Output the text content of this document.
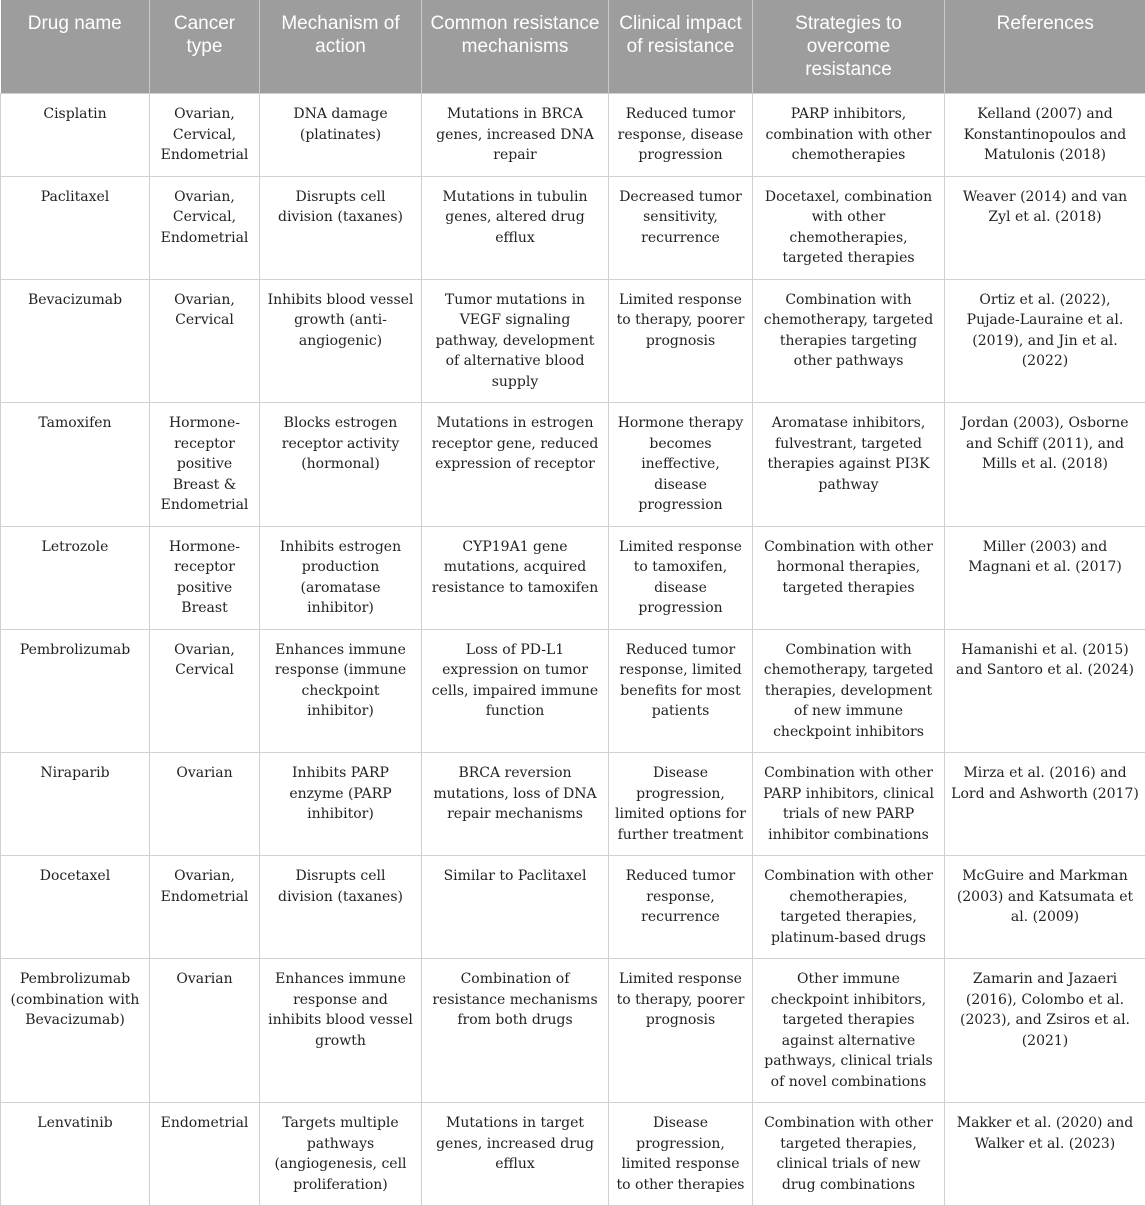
Drug name	Cancer type	Mechanism of action	Common resistance mechanisms	Clinical impact of resistance	Strategies to overcome resistance	References
Cisplatin	Ovarian, Cervical, Endometrial	DNA damage (platinates)	Mutations in BRCA genes, increased DNA repair	Reduced tumor response, disease progression	PARP inhibitors, combination with other chemotherapies	Kelland (2007) and Konstantinopoulos and Matulonis (2018)
Paclitaxel	Ovarian, Cervical, Endometrial	Disrupts cell division (taxanes)	Mutations in tubulin genes, altered drug efflux	Decreased tumor sensitivity, recurrence	Docetaxel, combination with other chemotherapies, targeted therapies	Weaver (2014) and van Zyl et al. (2018)
Bevacizumab	Ovarian, Cervical	Inhibits blood vessel growth (anti-angiogenic)	Tumor mutations in VEGF signaling pathway, development of alternative blood supply	Limited response to therapy, poorer prognosis	Combination with chemotherapy, targeted therapies targeting other pathways	Ortiz et al. (2022), Pujade-Lauraine et al. (2019), and Jin et al. (2022)
Tamoxifen	Hormone-receptor positive Breast & Endometrial	Blocks estrogen receptor activity (hormonal)	Mutations in estrogen receptor gene, reduced expression of receptor	Hormone therapy becomes ineffective, disease progression	Aromatase inhibitors, fulvestrant, targeted therapies against PI3K pathway	Jordan (2003), Osborne and Schiff (2011), and Mills et al. (2018)
Letrozole	Hormone-receptor positive Breast	Inhibits estrogen production (aromatase inhibitor)	CYP19A1 gene mutations, acquired resistance to tamoxifen	Limited response to tamoxifen, disease progression	Combination with other hormonal therapies, targeted therapies	Miller (2003) and Magnani et al. (2017)
Pembrolizumab	Ovarian, Cervical	Enhances immune response (immune checkpoint inhibitor)	Loss of PD-L1 expression on tumor cells, impaired immune function	Reduced tumor response, limited benefits for most patients	Combination with chemotherapy, targeted therapies, development of new immune checkpoint inhibitors	Hamanishi et al. (2015) and Santoro et al. (2024)
Niraparib	Ovarian	Inhibits PARP enzyme (PARP inhibitor)	BRCA reversion mutations, loss of DNA repair mechanisms	Disease progression, limited options for further treatment	Combination with other PARP inhibitors, clinical trials of new PARP inhibitor combinations	Mirza et al. (2016) and Lord and Ashworth (2017)
Docetaxel	Ovarian, Endometrial	Disrupts cell division (taxanes)	Similar to Paclitaxel	Reduced tumor response, recurrence	Combination with other chemotherapies, targeted therapies, platinum-based drugs	McGuire and Markman (2003) and Katsumata et al. (2009)
Pembrolizumab (combination with Bevacizumab)	Ovarian	Enhances immune response and inhibits blood vessel growth	Combination of resistance mechanisms from both drugs	Limited response to therapy, poorer prognosis	Other immune checkpoint inhibitors, targeted therapies against alternative pathways, clinical trials of novel combinations	Zamarin and Jazaeri (2016), Colombo et al. (2023), and Zsiros et al. (2021)
Lenvatinib	Endometrial	Targets multiple pathways (angiogenesis, cell proliferation)	Mutations in target genes, increased drug efflux	Disease progression, limited response to other therapies	Combination with other targeted therapies, clinical trials of new drug combinations	Makker et al. (2020) and Walker et al. (2023)
